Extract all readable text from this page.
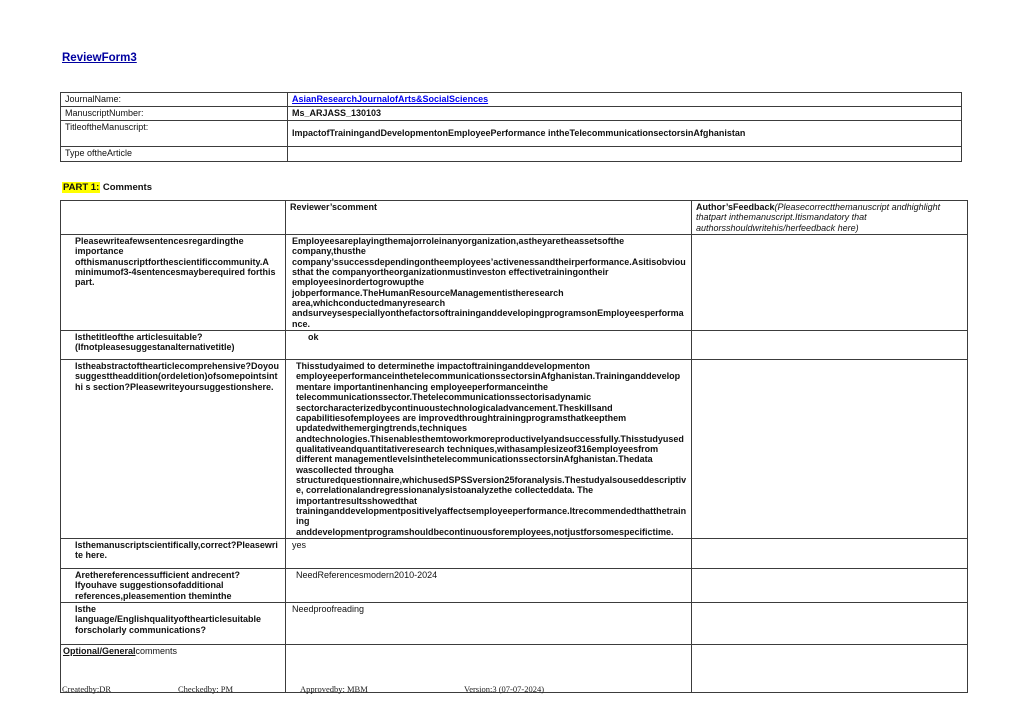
ReviewForm3
JournalName:	AsianResearchJournalofArts&SocialSciences
ManuscriptNumber:	Ms_ARJASS_130103
TitleoftheManuscript:	ImpactofTrainingandDevelopmentonEmployeePerformance intheTelecommunicationsectorsinAfghanistan
Type oftheArticle	
PART 1: Comments
	Reviewer’scomment	Author’sFeedback(Pleasecorrectthemanuscript andhighlight thatpart inthemanuscript.Itismandatory that authorsshouldwritehis/herfeedback here)
Pleasewriteafewsentencesregardingthe importance ofthismanuscriptforthescientificcommunity.A minimumof3-4sentencesmayberequired forthis part.	Employeesareplayingthemajorroleinanyorganization,astheyaretheassetsofthe company,thusthe company’ssuccessdependingontheemployees’activenessandtheirperformance.Asitisobviousthat the companyortheorganizationmustinveston effectivetrainingontheir employeesinordertogrowupthe jobperformance.TheHumanResourceManagementistheresearch area,whichconductedmanyresearch andsurveysespeciallyonthefactorsoftraininganddevelopingprogramsonEmployeesperformance.	
Isthetitleofthe articlesuitable? (Ifnotpleasesuggestanalternativetitle)	ok	
Istheabstractofthearticlecomprehensive?Doyou suggesttheaddition(ordeletion)ofsomepointsinthi s section?Pleasewriteyoursuggestionshere.	Thisstudyaimed to determinethe impactoftraininganddevelopmenton employeeperformanceinthetelecommunicationssectorsinAfghanistan.Traininganddevelopmentare importantinenhancing employeeperformanceinthe telecommunicationssector.Thetelecommunicationssectorisadynamic sectorcharacterizedbycontinuoustechnologicaladvancement.Theskillsand capabilitiesofemployees are improvedthroughtrainingprogramsthatkeepthem updatedwithemergingtrends,techniques andtechnologies.Thisenablesthemtoworkmoreproductivelyandsuccessfully.Thisstudyused qualitativeandquantitativeresearch techniques,withasamplesizeof316employeesfrom different managementlevelsinthetelecommunicationssectorsinAfghanistan.Thedata wascollected througha structuredquestionnaire,whichusedSPSSversion25foranalysis.Thestudyalsouseddescriptive, correlationalandregressionanalysistoanalyzethe collecteddata. The importantresultsshowedthat traininganddevelopmentpositivelyaffectsemployeeperformance.Itrecommendedthatthetraining anddevelopmentprogramshouldbecontinuousforemployees,notjustforsomespecifictime.	
Isthemanuscriptscientifically,correct?Pleasewri te here.	yes	
Arethereferencessufficient andrecent?Ifyouhave suggestionsofadditional references,pleasemention theminthe	NeedReferencesmodern2010-2024	
Isthe language/Englishqualityofthearticlesuitable forscholarly communications?	Needproofreading	
Optional/Generalcomments		
Createdby:DR	Checkedby: PM	Approvedby: MBM	Version:3 (07-07-2024)
